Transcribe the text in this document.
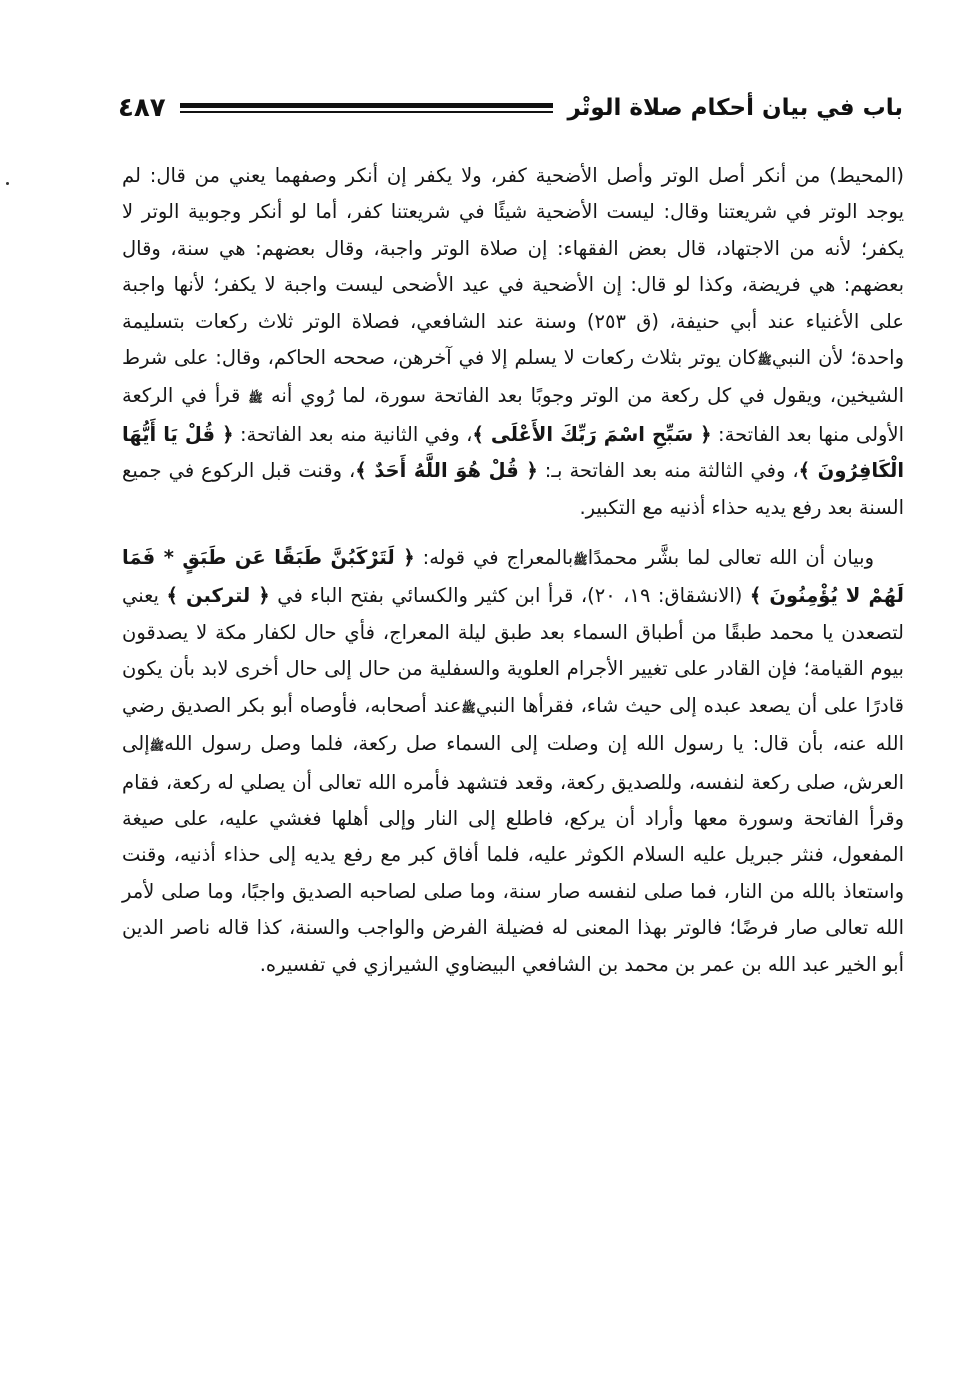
باب في بيان أحكام صلاة الوتْر
٤٨٧

(المحيط) من أنكر أصل الوتر وأصل الأضحية كفر، ولا يكفر إن أنكر وصفهما يعني من قال: لم يوجد الوتر في شريعتنا وقال: ليست الأضحية شيئًا في شريعتنا كفر، أما لو أنكر وجوبية الوتر لا يكفر؛ لأنه من الاجتهاد، قال بعض الفقهاء: إن صلاة الوتر واجبة، وقال بعضهم: هي سنة، وقال بعضهم: هي فريضة، وكذا لو قال: إن الأضحية في عيد الأضحى ليست واجبة لا يكفر؛ لأنها واجبة على الأغنياء عند أبي حنيفة، (ق ٢٥٣) وسنة عند الشافعي، فصلاة الوتر ثلاث ركعات بتسليمة واحدة؛ لأن النبيﷺكان يوتر بثلاث ركعات لا يسلم إلا في آخرهن، صححه الحاكم، وقال: على شرط الشيخين، ويقول في كل ركعة من الوتر وجوبًا بعد الفاتحة سورة، لما رُوي أنه ﷺ قرأ في الركعة الأولى منها بعد الفاتحة: ﴿ سَبِّحِ اسْمَ رَبِّكَ الأَعْلَى ﴾، وفي الثانية منه بعد الفاتحة: ﴿ قُلْ يَا أَيُّهَا الْكَافِرُونَ ﴾، وفي الثالثة منه بعد الفاتحة بـ: ﴿ قُلْ هُوَ اللَّهُ أَحَدٌ ﴾، وقنت قبل الركوع في جميع السنة بعد رفع يديه حذاء أذنيه مع التكبير.

وبيان أن الله تعالى لما بشَّر محمدًاﷺبالمعراج في قوله: ﴿ لَتَرْكَبُنَّ طَبَقًا عَن طَبَقٍ * فَمَا لَهُمْ لا يُؤْمِنُونَ ﴾ (الانشقاق: ١٩، ٢٠)، قرأ ابن كثير والكسائي بفتح الباء في ﴿ لتركبن ﴾ يعني لتصعدن يا محمد طبقًا من أطباق السماء بعد طبق ليلة المعراج، فأي حال لكفار مكة لا يصدقون بيوم القيامة؛ فإن القادر على تغيير الأجرام العلوية والسفلية من حال إلى حال أخرى لابد بأن يكون قادرًا على أن يصعد عبده إلى حيث شاء، فقرأها النبيﷺعند أصحابه، فأوصاه أبو بكر الصديق رضي الله عنه، بأن قال: يا رسول الله إن وصلت إلى السماء صل ركعة، فلما وصل رسول اللهﷺإلى العرش، صلى ركعة لنفسه، وللصديق ركعة، وقعد فتشهد فأمره الله تعالى أن يصلي له ركعة، فقام وقرأ الفاتحة وسورة معها وأراد أن يركع، فاطلع إلى النار وإلى أهلها فغشي عليه، على صيغة المفعول، فنثر جبريل عليه السلام الكوثر عليه، فلما أفاق كبر مع رفع يديه إلى حذاء أذنيه، وقنت واستعاذ بالله من النار، فما صلى لنفسه صار سنة، وما صلى لصاحبه الصديق واجبًا، وما صلى لأمر الله تعالى صار فرضًا؛ فالوتر بهذا المعنى له فضيلة الفرض والواجب والسنة، كذا قاله ناصر الدين أبو الخير عبد الله بن عمر بن محمد بن الشافعي البيضاوي الشيرازي في تفسيره.
